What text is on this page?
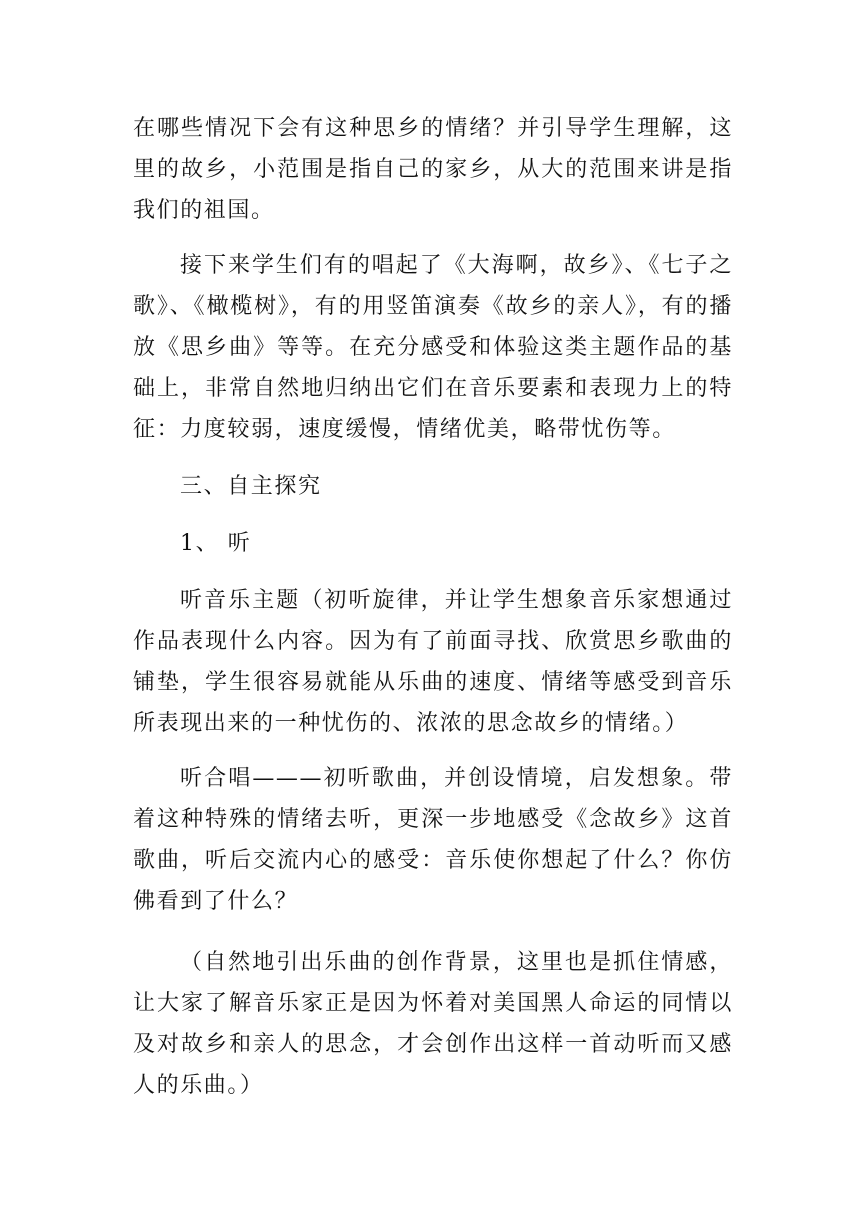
在哪些情况下会有这种思乡的情绪？并引导学生理解，这里的故乡，小范围是指自己的家乡，从大的范围来讲是指我们的祖国。

接下来学生们有的唱起了《大海啊，故乡》、《七子之歌》、《橄榄树》，有的用竖笛演奏《故乡的亲人》，有的播放《思乡曲》等等。在充分感受和体验这类主题作品的基础上，非常自然地归纳出它们在音乐要素和表现力上的特征：力度较弱，速度缓慢，情绪优美，略带忧伤等。

三、自主探究

1、 听

听音乐主题（初听旋律，并让学生想象音乐家想通过作品表现什么内容。因为有了前面寻找、欣赏思乡歌曲的铺垫，学生很容易就能从乐曲的速度、情绪等感受到音乐所表现出来的一种忧伤的、浓浓的思念故乡的情绪。）

听合唱———初听歌曲，并创设情境，启发想象。带着这种特殊的情绪去听，更深一步地感受《念故乡》这首歌曲，听后交流内心的感受：音乐使你想起了什么？你仿佛看到了什么？

（自然地引出乐曲的创作背景，这里也是抓住情感，让大家了解音乐家正是因为怀着对美国黑人命运的同情以及对故乡和亲人的思念，才会创作出这样一首动听而又感人的乐曲。）
